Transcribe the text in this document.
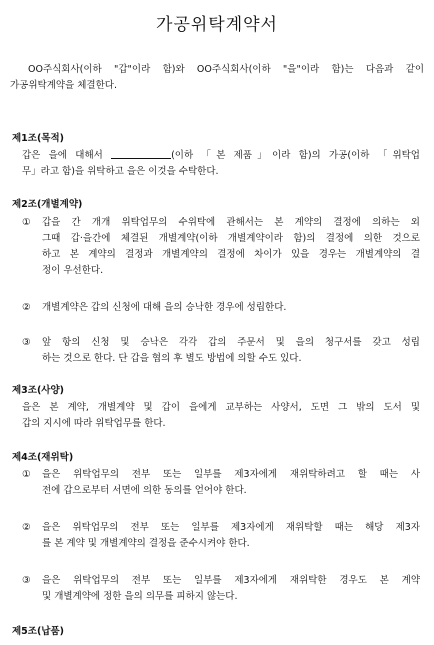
가공위탁계약서
OO주식회사(이하 "갑"이라 함)와 OO주식회사(이하 "을"이라 함)는 다음과 같이
가공위탁계약을 체결한다.
제1조(목적)
갑은 을에 대해서	(이하 「본 제품」이라 함)의 가공(이하 「위탁업
무」라고 함)을 위탁하고 을은 이것을 수탁한다.
제2조(개별계약)
①	갑을 간 개개 위탁업무의 수위탁에 관해서는 본 계약의 결정에 의하는 외
그때 갑·을간에 체결된 개별계약(이하 개별계약이라 함)의 결정에 의한 것으로
하고 본 계약의 결정과 개별계약의 결정에 차이가 있을 경우는 개별계약의 결
정이 우선한다.
②	개별계약은 갑의 신청에 대해 을의 승낙한 경우에 성립한다.
③	앞 항의 신청 및 승낙은 각각 갑의 주문서 및 을의 청구서를 갖고 성립
하는 것으로 한다. 단 갑을 협의 후 별도 방법에 의할 수도 있다.
제3조(사양)
을은 본 계약, 개별계약 및 갑이 을에게 교부하는 사양서, 도면 그 밖의 도서 및
갑의 지시에 따라 위탁업무를 한다.
제4조(재위탁)
①	을은 위탁업무의 전부 또는 일부를 제3자에게 재위탁하려고 할 때는 사
전에 갑으로부터 서면에 의한 동의를 얻어야 한다.
②	을은 위탁업무의 전부 또는 일부를 제3자에게 재위탁할 때는 해당 제3자
를 본 계약 및 개별계약의 결정을 준수시켜야 한다.
③	을은 위탁업무의 전부 또는 일부를 제3자에게 재위탁한 경우도 본 계약
및 개별계약에 정한 을의 의무를 피하지 않는다.
제5조(납품)
